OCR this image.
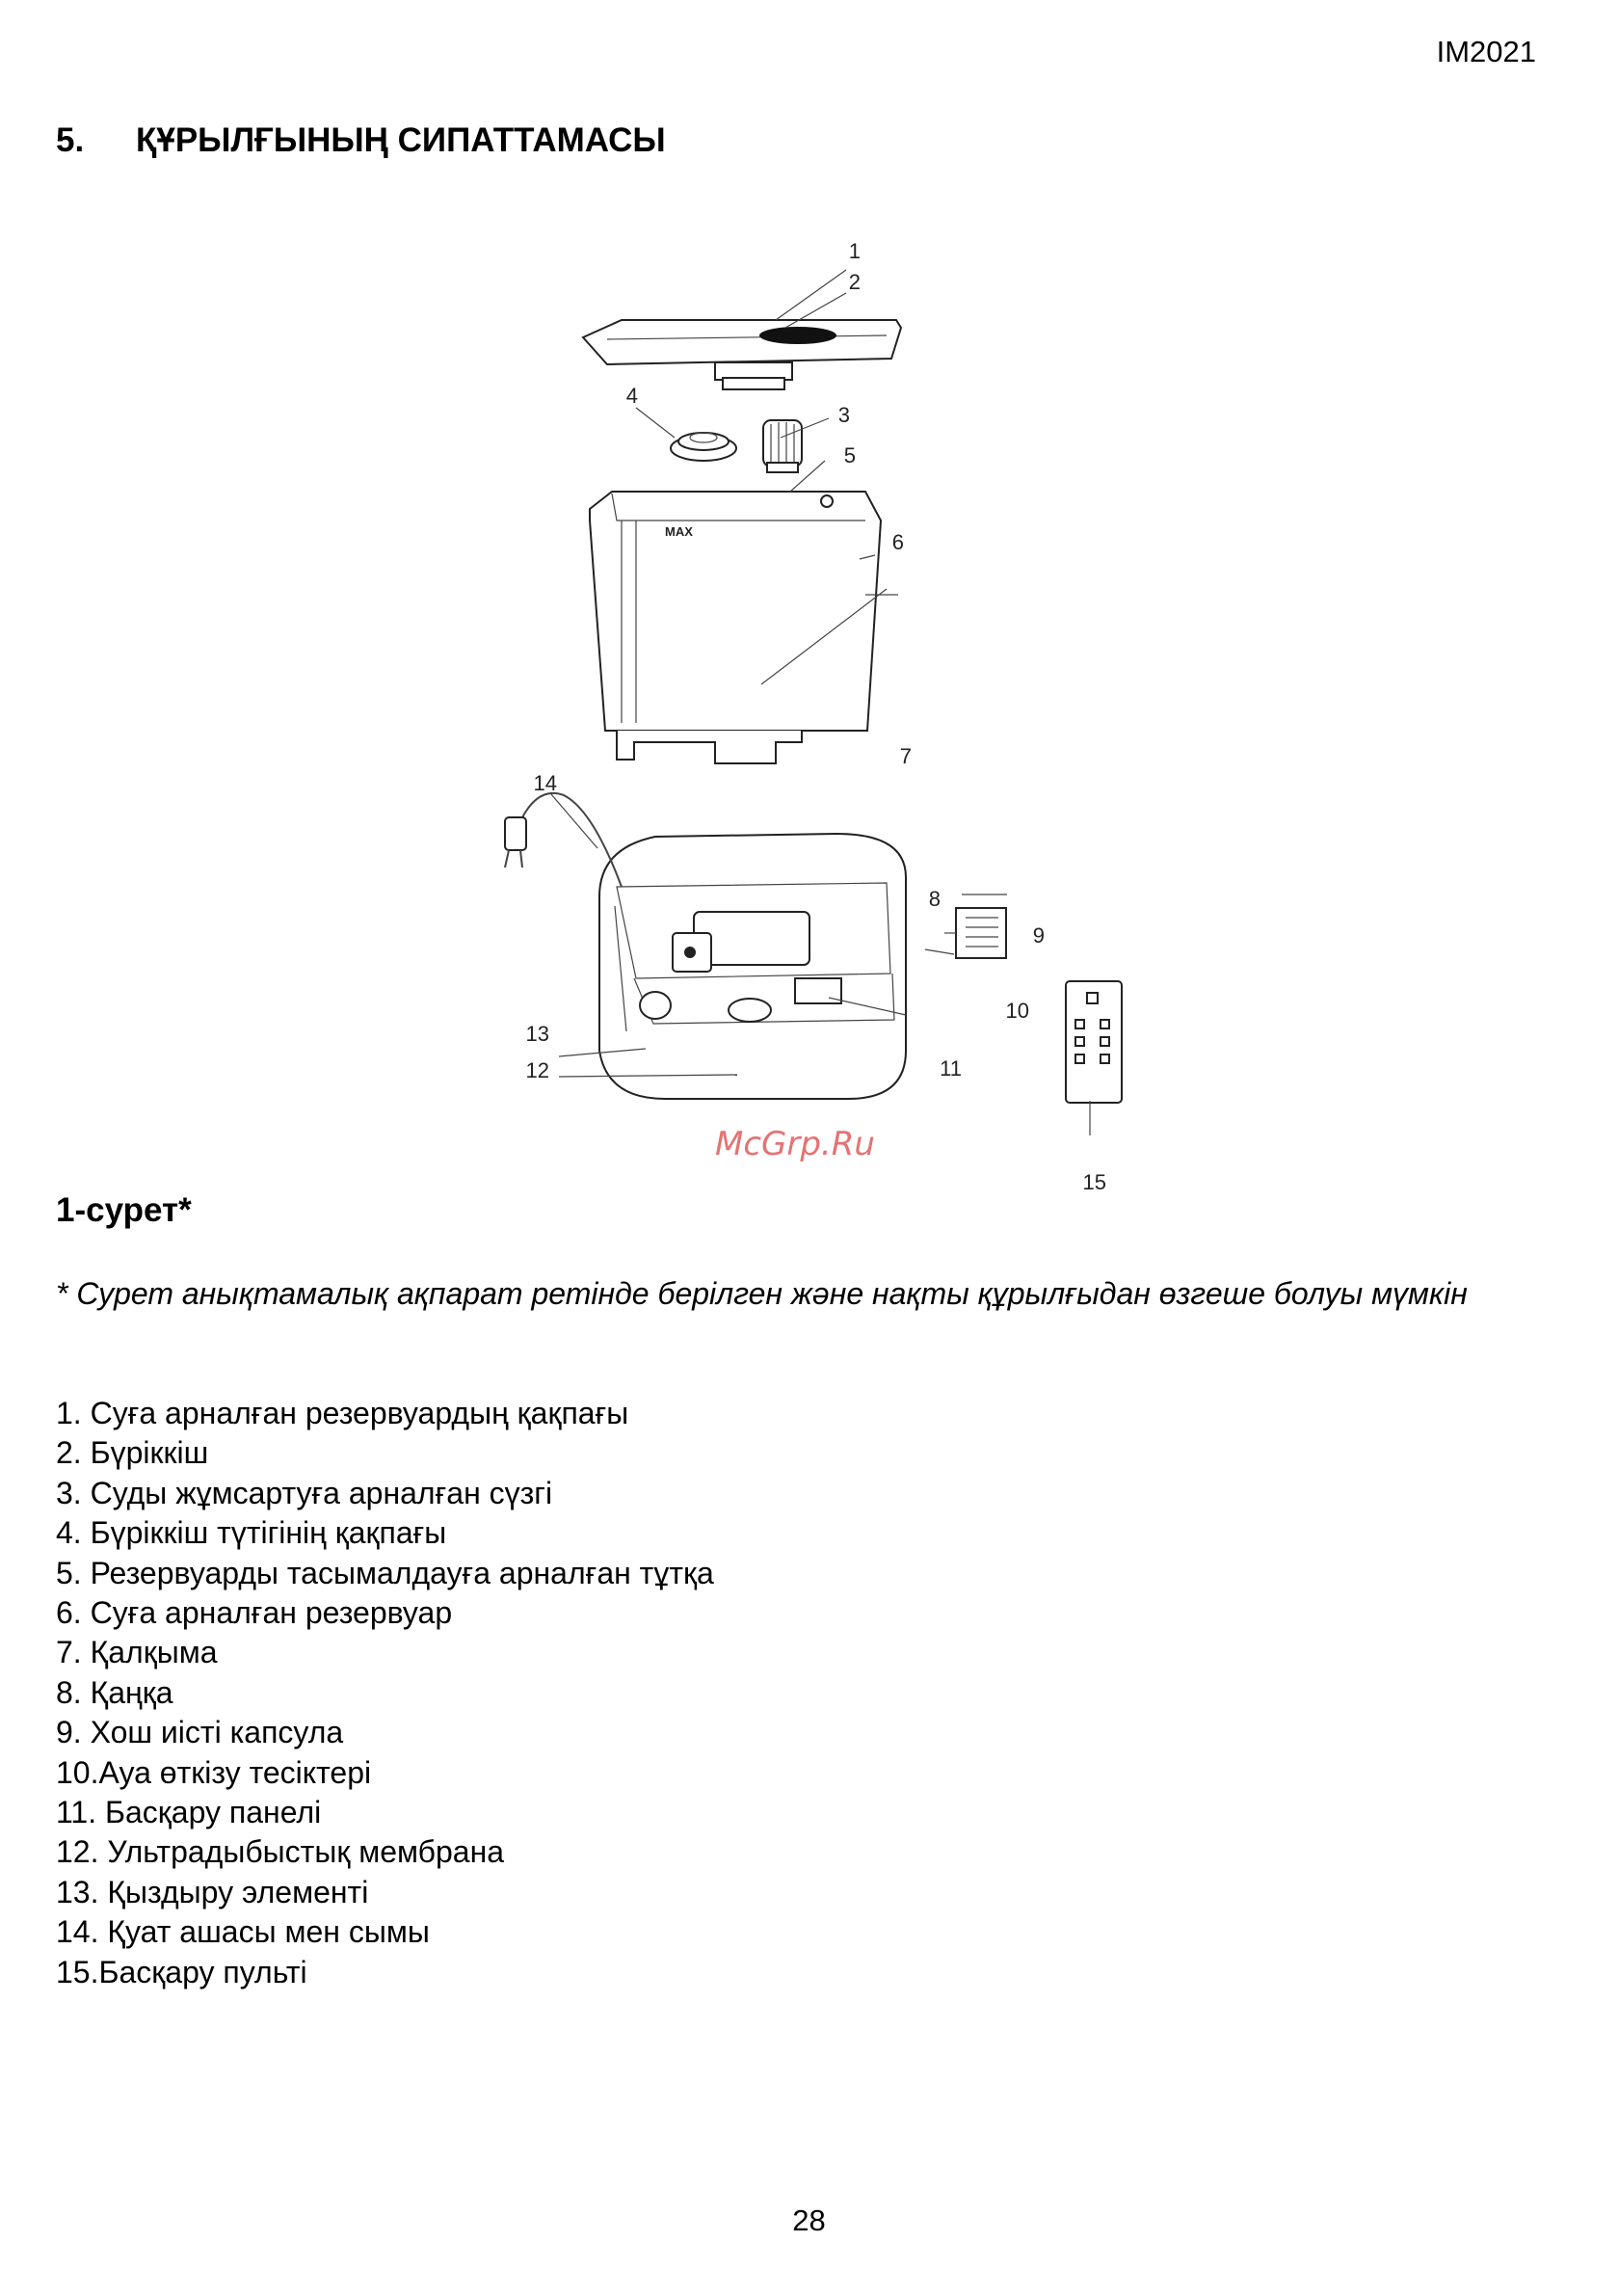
IM2021
5. ҚҰРЫЛҒЫНЫҢ СИПАТТАМАСЫ
MAX
1
2
3
4
5
6
7
8
9
10
11
12
13
14
15
McGrp.Ru
1-сурет*
* Сурет анықтамалық ақпарат ретінде берілген және нақты құрылғыдан өзгеше болуы мүмкін
1. Суға арналған резервуардың қақпағы
2. Бүріккіш
3. Суды жұмсартуға арналған сүзгі
4. Бүріккіш түтігінің қақпағы
5. Резервуарды тасымалдауға арналған тұтқа
6. Суға арналған резервуар
7. Қалқыма
8. Қаңқа
9. Хош иісті капсула
10.Ауа өткізу тесіктері
11. Басқару панелі
12. Ультрадыбыстық мембрана
13. Қыздыру элементі
14. Қуат ашасы мен сымы
15.Басқару пульті
28
